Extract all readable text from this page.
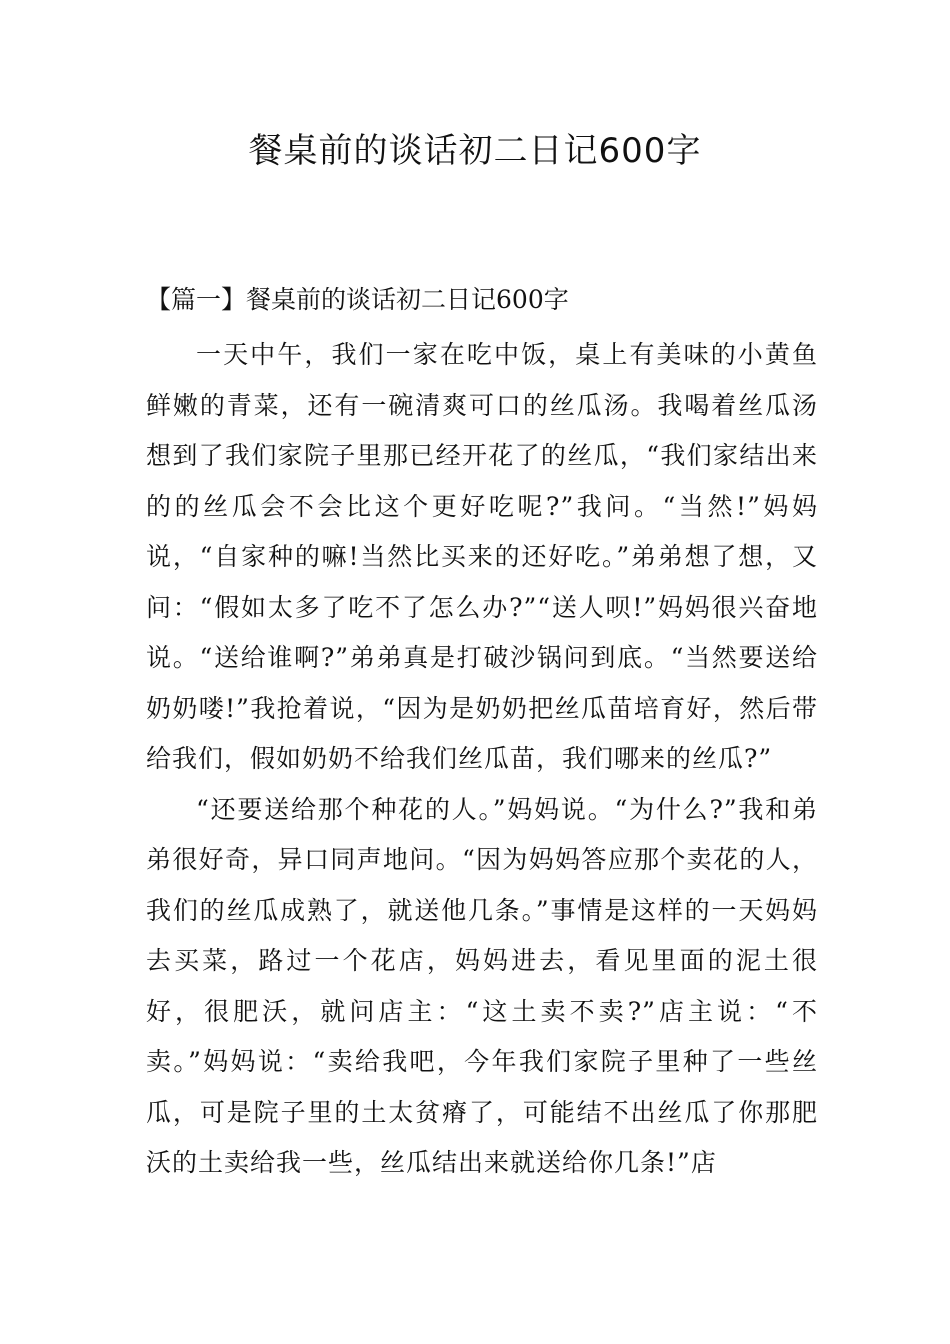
餐桌前的谈话初二日记600字
【篇一】餐桌前的谈话初二日记600字

一天中午，我们一家在吃中饭，桌上有美味的小黄鱼鲜嫩的青菜，还有一碗清爽可口的丝瓜汤。我喝着丝瓜汤想到了我们家院子里那已经开花了的丝瓜，“我们家结出来的的丝瓜会不会比这个更好吃呢?”我问。“当然!”妈妈说，“自家种的嘛!当然比买来的还好吃。”弟弟想了想，又问：“假如太多了吃不了怎么办?”“送人呗!”妈妈很兴奋地说。“送给谁啊?”弟弟真是打破沙锅问到底。“当然要送给奶奶喽!”我抢着说，“因为是奶奶把丝瓜苗培育好，然后带给我们，假如奶奶不给我们丝瓜苗，我们哪来的丝瓜?”

“还要送给那个种花的人。”妈妈说。“为什么?”我和弟弟很好奇，异口同声地问。“因为妈妈答应那个卖花的人，我们的丝瓜成熟了，就送他几条。”事情是这样的一天妈妈去买菜，路过一个花店，妈妈进去，看见里面的泥土很好，很肥沃，就问店主：“这土卖不卖?”店主说：“不卖。”妈妈说：“卖给我吧，今年我们家院子里种了一些丝瓜，可是院子里的土太贫瘠了，可能结不出丝瓜了你那肥沃的土卖给我一些，丝瓜结出来就送给你几条!”店
